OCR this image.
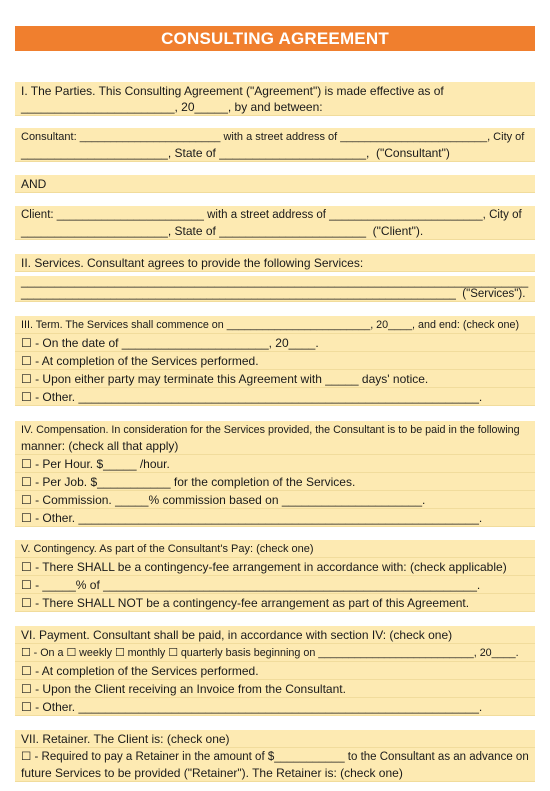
CONSULTING AGREEMENT
I. The Parties. This Consulting Agreement ("Agreement") is made effective as of
_______________________, 20_____, by and between:
Consultant: _______________________ with a street address of ________________________, City of
______________________, State of ______________________,  ("Consultant")
AND
Client: _______________________ with a street address of ________________________, City of
______________________, State of ______________________  ("Client").
II. Services. Consultant agrees to provide the following Services:
____________________________________________________________________________
____________________________________________________________________  ("Services").
III. Term. The Services shall commence on ________________________, 20____, and end: (check one)
☐ - On the date of ______________________, 20____.
☐ - At completion of the Services performed.
☐ - Upon either party may terminate this Agreement with _____ days' notice.
☐ - Other. ____________________________________________________________.
IV. Compensation. In consideration for the Services provided, the Consultant is to be paid in the following
manner: (check all that apply)
☐ - Per Hour. $_____ /hour.
☐ - Per Job. $___________ for the completion of the Services.
☐ - Commission. _____% commission based on _____________________.
☐ - Other. ____________________________________________________________.
V. Contingency. As part of the Consultant's Pay: (check one)
☐ - There SHALL be a contingency-fee arrangement in accordance with: (check applicable)
☐ - _____% of ________________________________________________________.
☐ - There SHALL NOT be a contingency-fee arrangement as part of this Agreement.
VI. Payment. Consultant shall be paid, in accordance with section IV: (check one)
☐ - On a ☐ weekly ☐ monthly ☐ quarterly basis beginning on __________________________, 20____.
☐ - At completion of the Services performed.
☐ - Upon the Client receiving an Invoice from the Consultant.
☐ - Other. ____________________________________________________________.
VII. Retainer. The Client is: (check one)
☐ - Required to pay a Retainer in the amount of $___________ to the Consultant as an advance on
future Services to be provided ("Retainer"). The Retainer is: (check one)
